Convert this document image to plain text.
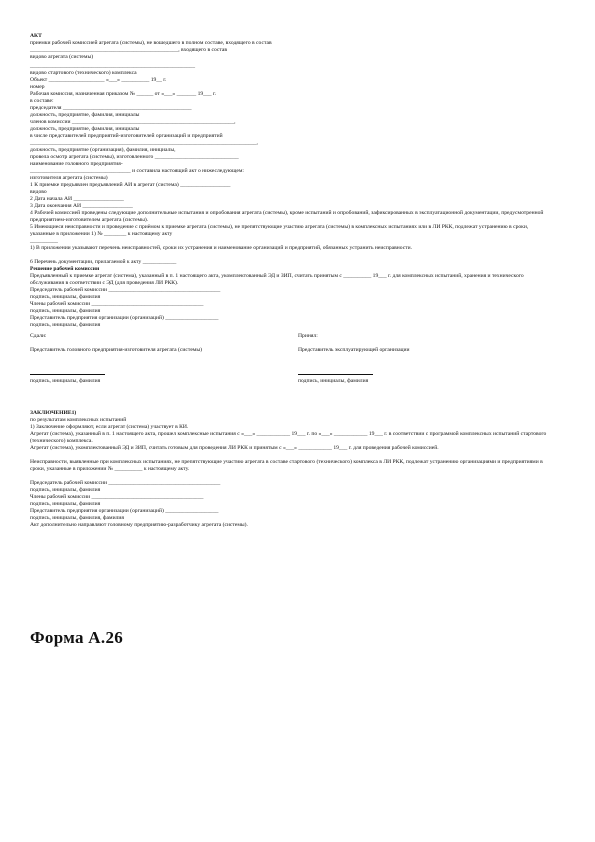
АКТ
приемки рабочей комиссией агрегата (системы), не вошедшего в полном составе, входящего в состав
_____________________________________________________, входящего в состав
видово агрегата (системы)
___________________________________________________________
видово стартового (технического) комплекса
Объект ____________________ «___» __________ 19__ г.
номер
Рабочая комиссия, назначенная приказом № ______ от «___» _______ 19___ г.
в составе:
председателя ______________________________________________
должность, предприятие, фамилия, инициалы
членов комиссии __________________________________________________________,
должность, предприятие, фамилия, инициалы
в числе представителей предприятий-изготовителей организаций и предприятий
_________________________________________________________________________________,
должность, предприятие (организация), фамилия, инициалы,
провела осмотр агрегата (системы), изготовленного ______________________________
наименование головного предприятия-
____________________________________ и составила настоящий акт о нижеследующем:
изготовителя агрегата (системы)
1 К приемке предъявлен предъявлений АИ в агрегат (система) __________________
видово
2 Дата начала АИ __________________
3 Дата окончания АИ __________________
4 Рабочей комиссией проведены следующие дополнительные испытания и опробования агрегата (системы), кроме испытаний и опробований, зафиксированных в эксплуатационной документации, предусмотренной предприятием-изготовителем агрегата (системы).
5 Имеющиеся неисправности и проведение с приёмом к приемке агрегата (системы), не препятствующие участию агрегата (системы) в комплексных испытаниях или в ЛИ РКК, подлежат устранению в сроки, указанные в приложении 1) № ________ к настоящему акту
__________
1) В приложении указывают перечень неисправностей, сроки их устранения и наименование организаций и предприятий, обязанных устранить неисправности.
6 Перечень документации, прилагаемой к акту ____________
Решение рабочей комиссии
Предъявленный к приемке агрегат (система), указанный в п. 1 настоящего акта, укомплектованный ЭД и ЗИП, считать принятым с __________ 19___ г. для комплексных испытаний, хранения и технического обслуживания в соответствии с ЭД (для проведения ЛИ РКК).
Председатель рабочей комиссии ________________________________________
подпись, инициалы, фамилия
Члены рабочей комиссии ________________________________________
подпись, инициалы, фамилия
Представитель предприятия организации (организаций) ___________________
подпись, инициалы, фамилия
ЗАКЛЮЧЕНИЕ1)
по результатам комплексных испытаний
1) Заключение оформляют, если агрегат (система) участвует в КИ.
Агрегат (система), указанный в п. 1 настоящего акта, прошел комплексные испытания с «___» ____________ 19___ г. по «___» ____________ 19___ г. в соответствии с программой комплексных испытаний стартового (технического) комплекса.
Агрегат (система), укомплектованный ЭД и ЗИП, считать готовым для проведения ЛИ РКК и принятым с «___» ____________ 19___ г. для проведения рабочей комиссией.
Неисправности, выявленные при комплексных испытаниях, не препятствующие участию агрегата в составе стартового (технического) комплекса в ЛИ РКК, подлежат устранению организациями и предприятиями в сроки, указанные в приложении № __________ к настоящему акту.
Председатель рабочей комиссии ________________________________________
подпись, инициалы, фамилия
Члены рабочей комиссии ________________________________________
подпись, инициалы, фамилия
Представитель предприятия организации (организаций) ___________________
подпись, инициалы, фамилия, фамилия
Акт дополнительно направляют головному предприятию-разработчику агрегата (системы).
Сдали:
Представитель головного предприятия-изготовителя агрегата (системы)
подпись, инициалы, фамилия
Принял:
Представитель эксплуатирующей организации
подпись, инициалы, фамилия
Форма А.26
